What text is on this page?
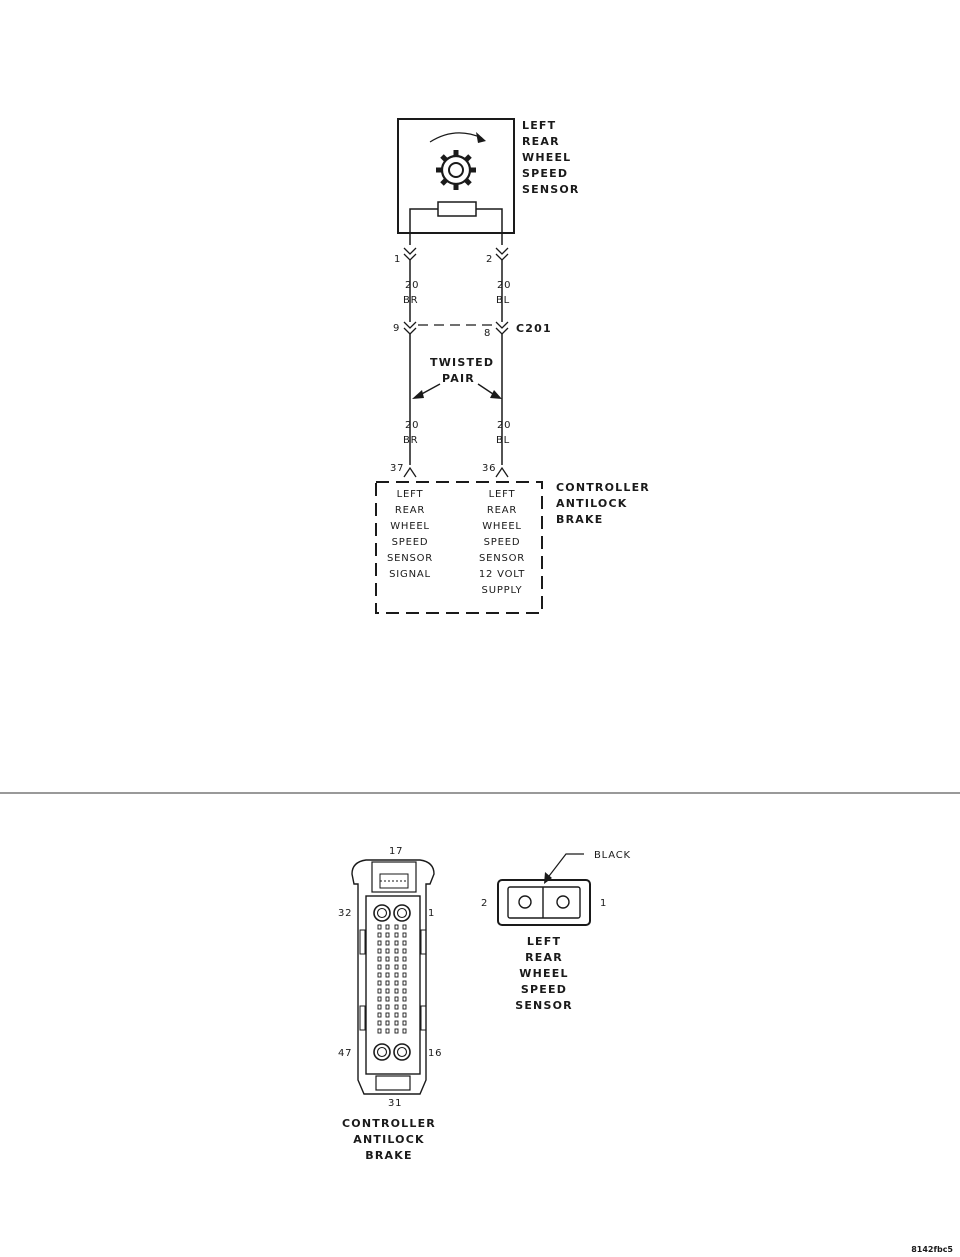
LEFT
REAR
WHEEL
SPEED
SENSOR
1	2
20
BR
20
BL
9	8 C201
TWISTED
PAIR
20
BR
20
BL
37	36
CONTROLLER
ANTILOCK
BRAKE
LEFT
REAR
WHEEL
SPEED
SENSOR
SIGNAL
LEFT
REAR
WHEEL
SPEED
SENSOR
12 VOLT
SUPPLY
17
32	1
47	16
31
CONTROLLER
ANTILOCK
BRAKE
BLACK
2	1
LEFT
REAR
WHEEL
SPEED
SENSOR
8142fbc5
